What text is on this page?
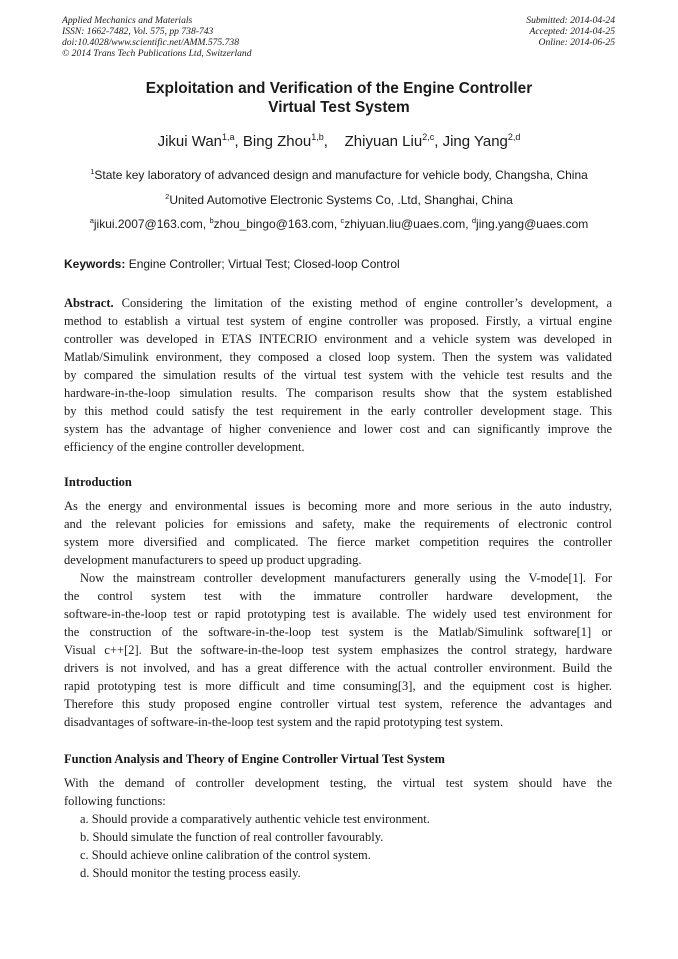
Applied Mechanics and Materials
ISSN: 1662-7482, Vol. 575, pp 738-743
doi:10.4028/www.scientific.net/AMM.575.738
© 2014 Trans Tech Publications Ltd, Switzerland
Submitted: 2014-04-24
Accepted: 2014-04-25
Online: 2014-06-25
Exploitation and Verification of the Engine Controller
Virtual Test System
Jikui Wan$^{1,a}$, Bing Zhou$^{1,b}$,    Zhiyuan Liu$^{2,c}$, Jing Yang$^{2,d}$
$^1$State key laboratory of advanced design and manufacture for vehicle body, Changsha, China
$^2$United Automotive Electronic Systems Co, .Ltd, Shanghai, China
$^a$jikui.2007@163.com, $^b$zhou_bingo@163.com, $^c$zhiyuan.liu@uaes.com, $^d$jing.yang@uaes.com
Keywords: Engine Controller; Virtual Test; Closed-loop Control
Abstract. Considering the limitation of the existing method of engine controller’s development, a
method to establish a virtual test system of engine controller was proposed. Firstly, a virtual engine
controller was developed in ETAS INTECRIO environment and a vehicle system was developed in
Matlab/Simulink environment, they composed a closed loop system. Then the system was validated
by compared the simulation results of the virtual test system with the vehicle test results and the
hardware-in-the-loop simulation results. The comparison results show that the system established
by this method could satisfy the test requirement in the early controller development stage. This
system has the advantage of higher convenience and lower cost and can significantly improve the
efficiency of the engine controller development.
Introduction
As the energy and environmental issues is becoming more and more serious in the auto industry,
and the relevant policies for emissions and safety, make the requirements of electronic control
system more diversified and complicated. The fierce market competition requires the controller
development manufacturers to speed up product upgrading.
Now the mainstream controller development manufacturers generally using the V-mode[1]. For
the    control    system    test    with    the    immature    controller    hardware    development,    the
software-in-the-loop test or rapid prototyping test is available. The widely used test environment for
the construction of the software-in-the-loop test system is the Matlab/Simulink software[1] or
Visual c++[2]. But the software-in-the-loop test system emphasizes the control strategy, hardware
drivers is not involved, and has a great difference with the actual controller environment. Build the
rapid prototyping test is more difficult and time consuming[3], and the equipment cost is higher.
Therefore this study proposed engine controller virtual test system, reference the advantages and
disadvantages of software-in-the-loop test system and the rapid prototyping test system.
Function Analysis and Theory of Engine Controller Virtual Test System
With the demand of controller development testing, the virtual test system should have the
following functions:
a. Should provide a comparatively authentic vehicle test environment.
b. Should simulate the function of real controller favourably.
c. Should achieve online calibration of the control system.
d. Should monitor the testing process easily.
